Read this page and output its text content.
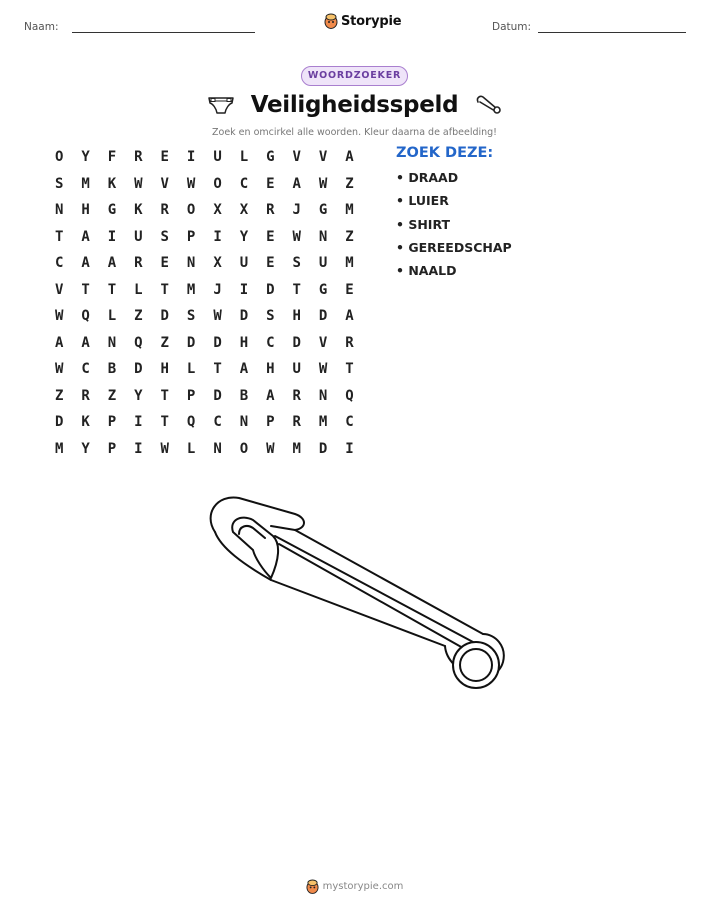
Naam:	Storypie	Datum:
WOORDZOEKER
Veiligheidsspeld
Zoek en omcirkel alle woorden. Kleur daarna de afbeelding!
O	Y	F	R	E	I	U	L	G	V	V	A
S	M	K	W	V	W	O	C	E	A	W	Z
N	H	G	K	R	O	X	X	R	J	G	M
T	A	I	U	S	P	I	Y	E	W	N	Z
C	A	A	R	E	N	X	U	E	S	U	M
V	T	T	L	T	M	J	I	D	T	G	E
W	Q	L	Z	D	S	W	D	S	H	D	A
A	A	N	Q	Z	D	D	H	C	D	V	R
W	C	B	D	H	L	T	A	H	U	W	T
Z	R	Z	Y	T	P	D	B	A	R	N	Q
D	K	P	I	T	Q	C	N	P	R	M	C
M	Y	P	I	W	L	N	O	W	M	D	I
ZOEK DEZE:
• DRAAD
• LUIER
• SHIRT
• GEREEDSCHAP
• NAALD
mystorypie.com
